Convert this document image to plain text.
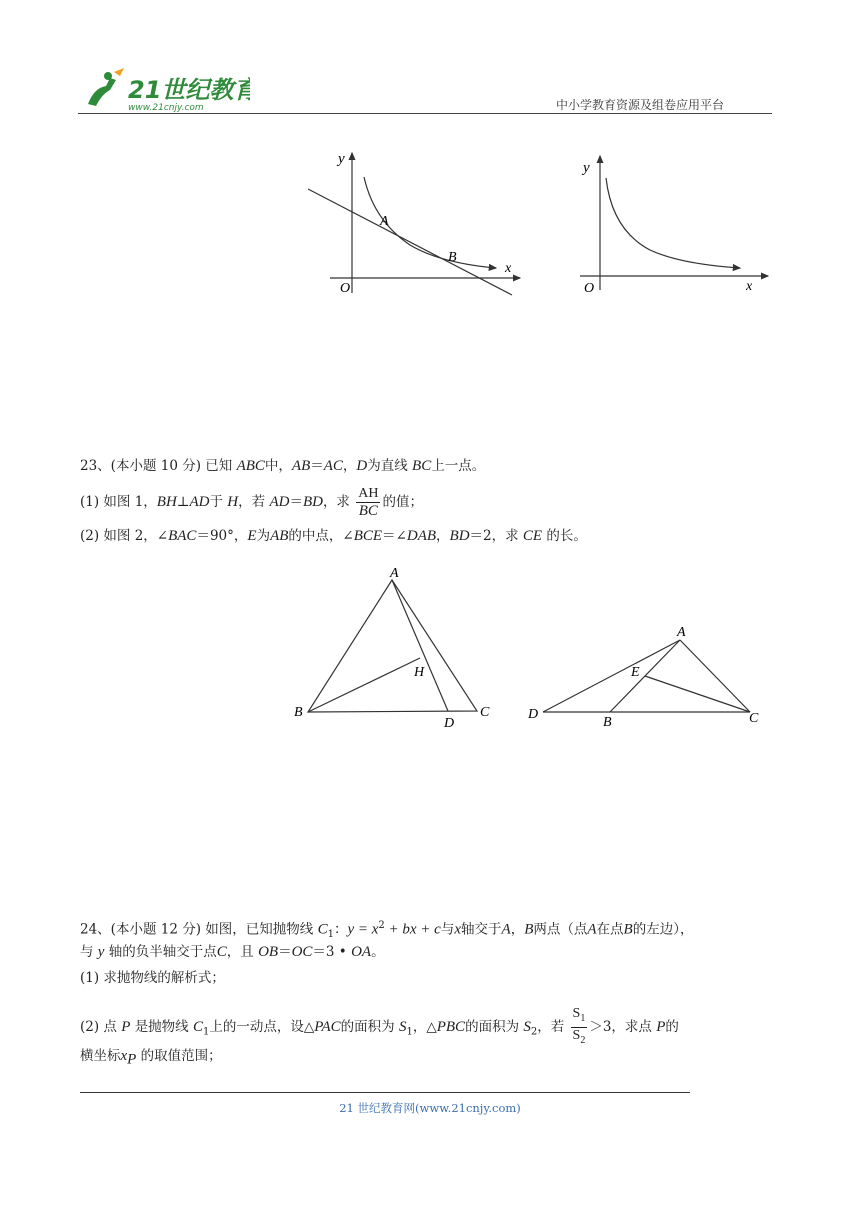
21世纪教育
www.21cnjy.com	中小学教育资源及组卷应用平台
y
x
O
A
B
y
x
O
23、(本小题 10 分) 已知 ABC中，AB＝AC，D为直线 BC上一点。
(1) 如图 1，BH⊥AD于 H，若 AD＝BD，求 $\frac{AH}{BC}$ 的值；
(2) 如图 2，∠BAC＝90°，E为AB的中点，∠BCE＝∠DAB，BD＝2，求 CE 的长。
A
B	C
D
H
A
B	C
D
E
24、(本小题 12 分) 如图，已知抛物线 $C_1$：$y = x^2$ + bx + c与x轴交于A，B两点（点A在点B的左边），
与 y 轴的负半轴交于点C，且 OB＝OC＝3 • OA。
(1) 求抛物线的解析式；
(2) 点 P 是抛物线 $C_1$上的一动点，设△PAC的面积为 $S_1$，△PBC的面积为 $S_2$，若 $\frac{S_1}{S_2} >3$，求点 P的
横坐标$x_P$ 的取值范围；
21 世纪教育网(www.21cnjy.com)
